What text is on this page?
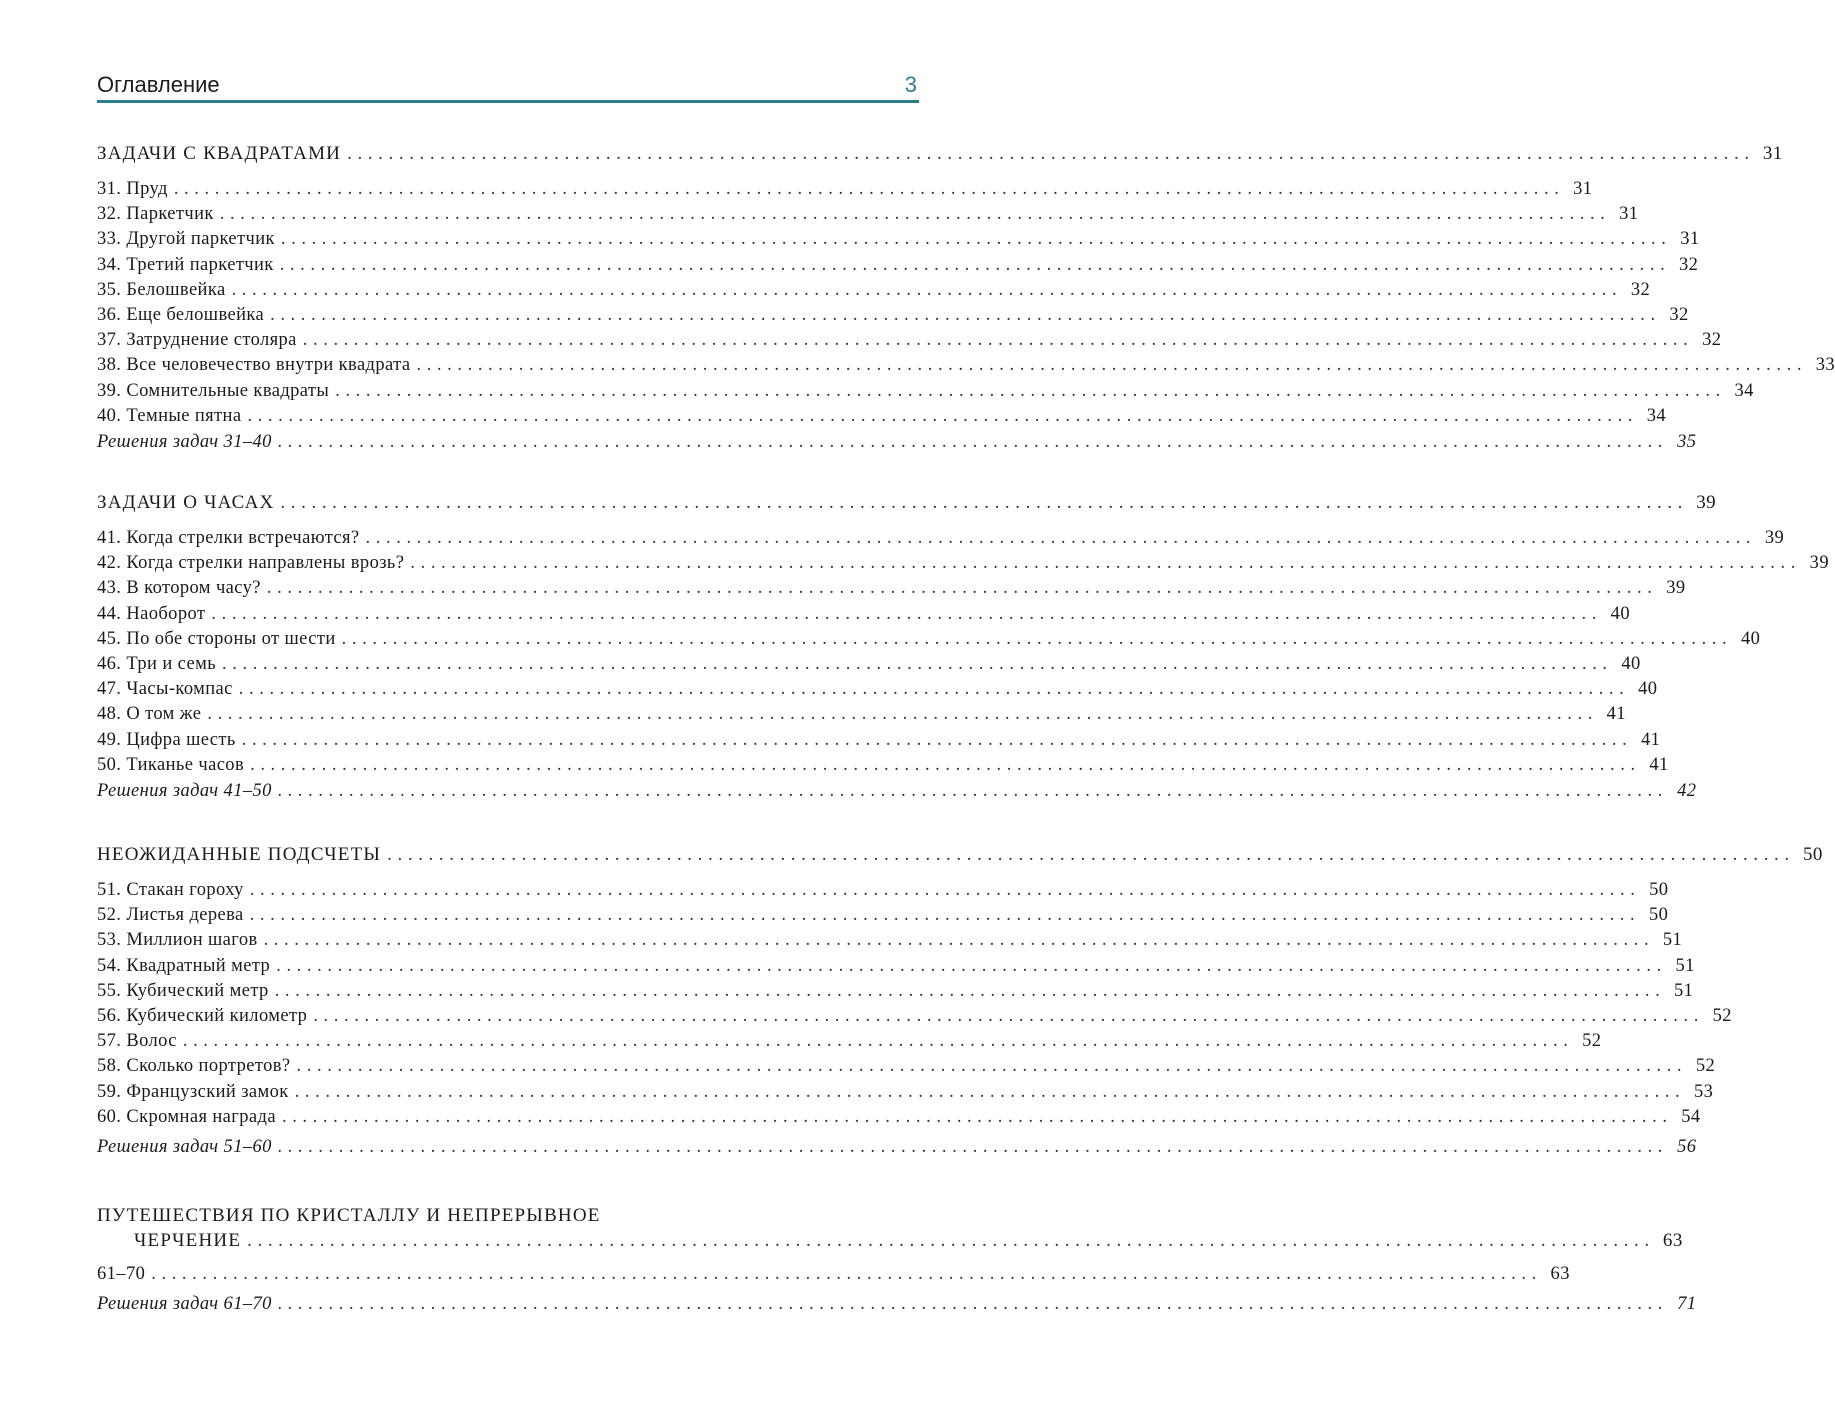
Оглавление	3
ЗАДАЧИ С КВАДРАТАМИ ........................................................................................................................................ 31
31. Пруд ........................................................................................................................................ 31
32. Паркетчик ........................................................................................................................................ 31
33. Другой паркетчик ........................................................................................................................................ 31
34. Третий паркетчик ........................................................................................................................................ 32
35. Белошвейка ........................................................................................................................................ 32
36. Еще белошвейка ........................................................................................................................................ 32
37. Затруднение столяра ........................................................................................................................................ 32
38. Все человечество внутри квадрата ........................................................................................................................................ 33
39. Сомнительные квадраты ........................................................................................................................................ 34
40. Темные пятна ........................................................................................................................................ 34
Решения задач 31–40 ........................................................................................................................................ 35
ЗАДАЧИ О ЧАСАХ ........................................................................................................................................ 39
41. Когда стрелки встречаются? ........................................................................................................................................ 39
42. Когда стрелки направлены врозь? ........................................................................................................................................ 39
43. В котором часу? ........................................................................................................................................ 39
44. Наоборот ........................................................................................................................................ 40
45. По обе стороны от шести ........................................................................................................................................ 40
46. Три и семь ........................................................................................................................................ 40
47. Часы-компас ........................................................................................................................................ 40
48. О том же ........................................................................................................................................ 41
49. Цифра шесть ........................................................................................................................................ 41
50. Тиканье часов ........................................................................................................................................ 41
Решения задач 41–50 ........................................................................................................................................ 42
НЕОЖИДАННЫЕ ПОДСЧЕТЫ ........................................................................................................................................ 50
51. Стакан гороху ........................................................................................................................................ 50
52. Листья дерева ........................................................................................................................................ 50
53. Миллион шагов ........................................................................................................................................ 51
54. Квадратный метр ........................................................................................................................................ 51
55. Кубический метр ........................................................................................................................................ 51
56. Кубический километр ........................................................................................................................................ 52
57. Волос ........................................................................................................................................ 52
58. Сколько портретов? ........................................................................................................................................ 52
59. Французский замок ........................................................................................................................................ 53
60. Скромная награда ........................................................................................................................................ 54
Решения задач 51–60 ........................................................................................................................................ 56
ПУТЕШЕСТВИЯ ПО КРИСТАЛЛУ И НЕПРЕРЫВНОЕ
ЧЕРЧЕНИЕ ........................................................................................................................................ 63
61–70 ........................................................................................................................................ 63
Решения задач 61–70 ........................................................................................................................................ 71
